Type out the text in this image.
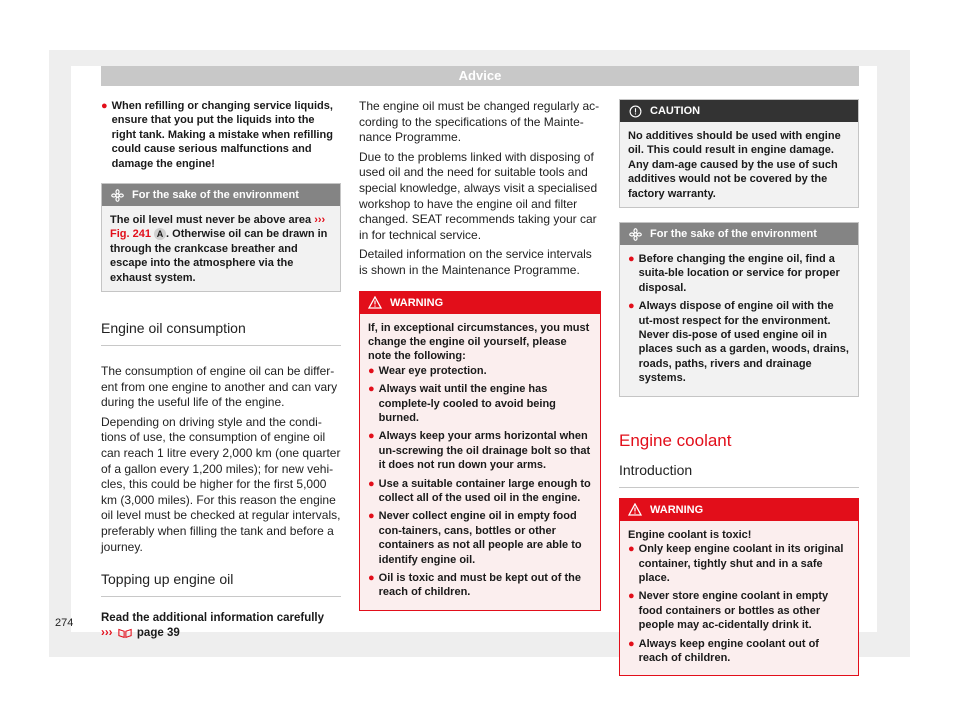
Advice
● When refilling or changing service liquids, ensure that you put the liquids into the right tank. Making a mistake when refilling could cause serious malfunctions and damage the engine!
For the sake of the environment
The oil level must never be above area ››› Fig. 241 A . Otherwise oil can be drawn in through the crankcase breather and escape into the atmosphere via the exhaust system.
Engine oil consumption

The consumption of engine oil can be differ-ent from one engine to another and can vary during the useful life of the engine.

Depending on driving style and the condi-tions of use, the consumption of engine oil can reach 1 litre every 2,000 km (one quarter of a gallon every 1,200 miles); for new vehi-cles, this could be higher for the first 5,000 km (3,000 miles). For this reason the engine oil level must be checked at regular intervals, preferably when filling the tank and before a journey.

Topping up engine oil
Read the additional information carefully
››› page 39

The engine oil must be changed regularly ac-cording to the specifications of the Mainte-nance Programme.

Due to the problems linked with disposing of used oil and the need for suitable tools and special knowledge, always visit a specialised workshop to have the engine oil and filter changed. SEAT recommends taking your car in for technical service.

Detailed information on the service intervals is shown in the Maintenance Programme.

WARNING

If, in exceptional circumstances, you must change the engine oil yourself, please note the following:

● Wear eye protection.
● Always wait until the engine has complete-ly cooled to avoid being burned.
● Always keep your arms horizontal when un-screwing the oil drainage bolt so that it does not run down your arms.
● Use a suitable container large enough to collect all of the used oil in the engine.
● Never collect engine oil in empty food con-tainers, cans, bottles or other containers as not all people are able to identify engine oil.
● Oil is toxic and must be kept out of the reach of children.
CAUTION

No additives should be used with engine oil. This could result in engine damage. Any dam-age caused by the use of such additives would not be covered by the factory warranty.

For the sake of the environment
● Before changing the engine oil, find a suita-ble location or service for proper disposal.
● Always dispose of engine oil with the ut-most respect for the environment. Never dis-pose of used engine oil in places such as a garden, woods, drains, roads, paths, rivers and drainage systems.
Engine coolant
Introduction
WARNING

Engine coolant is toxic!

● Only keep engine coolant in its original container, tightly shut and in a safe place.
● Never store engine coolant in empty food containers or bottles as other people may ac-cidentally drink it.
● Always keep engine coolant out of reach of children.
274
